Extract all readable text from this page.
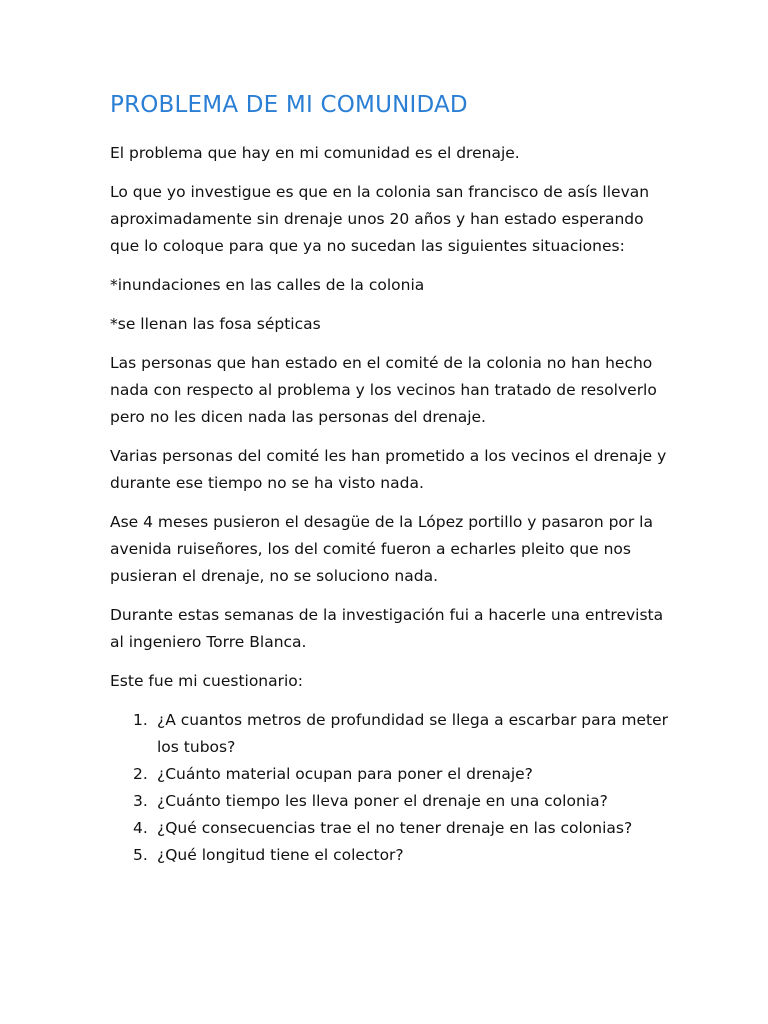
PROBLEMA DE MI COMUNIDAD

El problema que hay en mi comunidad es el drenaje.

Lo que yo investigue es que en la colonia san francisco de asís llevan aproximadamente sin drenaje unos 20 años y han estado esperando que lo coloque para que ya no sucedan las siguientes situaciones:

*inundaciones en las calles de la colonia

*se llenan las fosa sépticas

Las personas que han estado en el comité de la colonia no han hecho nada con respecto al problema y los vecinos han tratado de resolverlo pero no les dicen nada las personas del drenaje.

Varias personas del comité les han prometido a los vecinos el drenaje y durante ese tiempo no se ha visto nada.

Ase 4 meses pusieron el desagüe de la López portillo y pasaron por la avenida ruiseñores, los del comité fueron a echarles pleito que nos pusieran el drenaje, no se soluciono nada.

Durante estas semanas de la investigación fui a hacerle una entrevista al ingeniero Torre Blanca.

Este fue mi cuestionario:

1. ¿A cuantos metros de profundidad se llega a escarbar para meter los tubos?
2. ¿Cuánto material ocupan para poner el drenaje?
3. ¿Cuánto tiempo les lleva poner el drenaje en una colonia?
4. ¿Qué consecuencias trae el no tener drenaje en las colonias?
5. ¿Qué longitud tiene el colector?
